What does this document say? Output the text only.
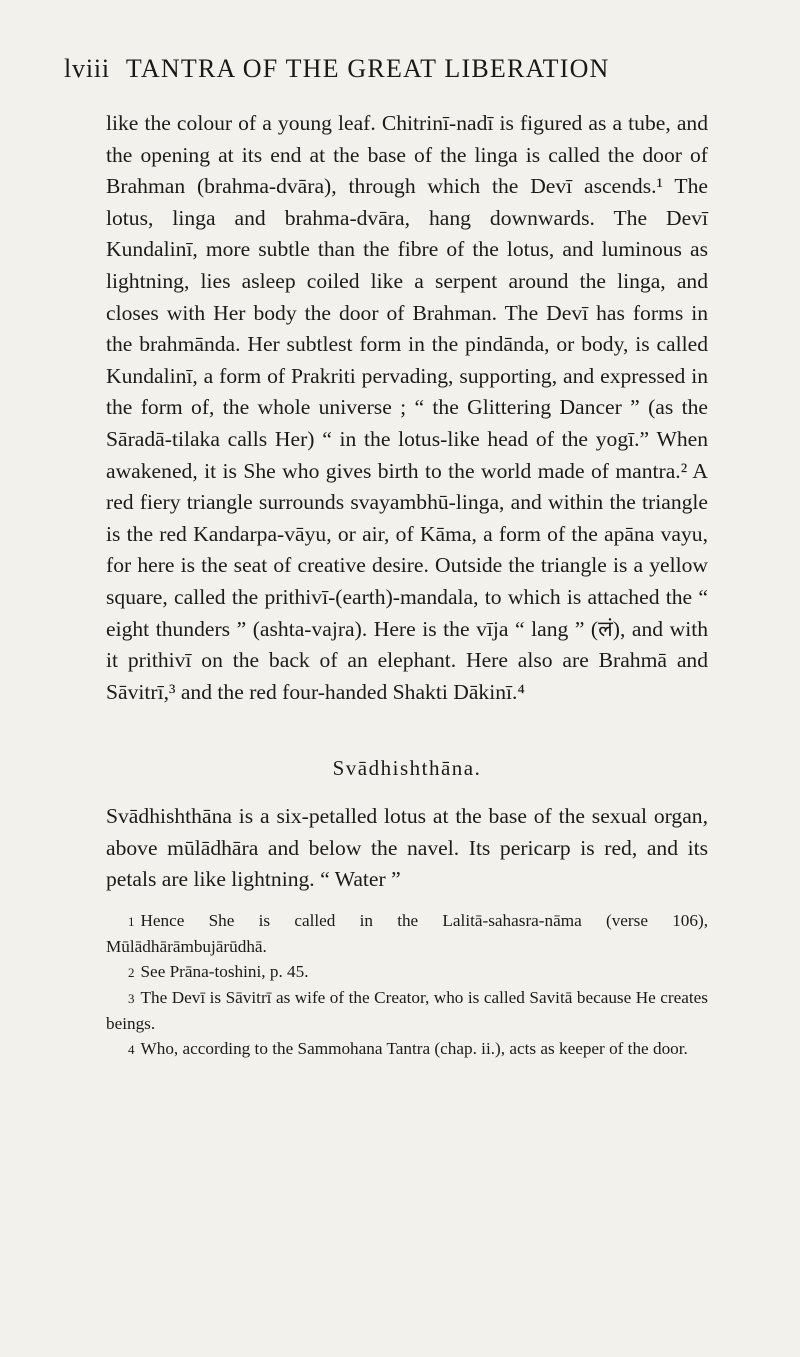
lviii TANTRA OF THE GREAT LIBERATION

like the colour of a young leaf. Chitrinī-nadī is figured as a tube, and the opening at its end at the base of the linga is called the door of Brahman (brahma-dvāra), through which the Devī ascends.¹ The lotus, linga and brahma-dvāra, hang downwards. The Devī Kundalinī, more subtle than the fibre of the lotus, and luminous as lightning, lies asleep coiled like a serpent around the linga, and closes with Her body the door of Brahman. The Devī has forms in the brahmānda. Her subtlest form in the pindānda, or body, is called Kundalinī, a form of Prakriti pervading, supporting, and expressed in the form of, the whole universe ; “ the Glittering Dancer ” (as the Sāradā-tilaka calls Her) “ in the lotus-like head of the yogī.” When awakened, it is She who gives birth to the world made of mantra.² A red fiery triangle surrounds svayambhū-linga, and within the triangle is the red Kandarpa-vāyu, or air, of Kāma, a form of the apāna vayu, for here is the seat of creative desire. Outside the triangle is a yellow square, called the prithivī-(earth)-mandala, to which is attached the “ eight thunders ” (ashta-vajra). Here is the vīja “ lang ” (लं), and with it prithivī on the back of an elephant. Here also are Brahmā and Sāvitrī,³ and the red four-handed Shakti Dākinī.⁴

Svādhishthāna.

Svādhishthāna is a six-petalled lotus at the base of the sexual organ, above mūlādhāra and below the navel. Its pericarp is red, and its petals are like lightning. “ Water ”

1 Hence She is called in the Lalitā-sahasra-nāma (verse 106), Mūlādhārāmbujārūdhā.

2 See Prāna-toshini, p. 45.

3 The Devī is Sāvitrī as wife of the Creator, who is called Savitā because He creates beings.

4 Who, according to the Sammohana Tantra (chap. ii.), acts as keeper of the door.
